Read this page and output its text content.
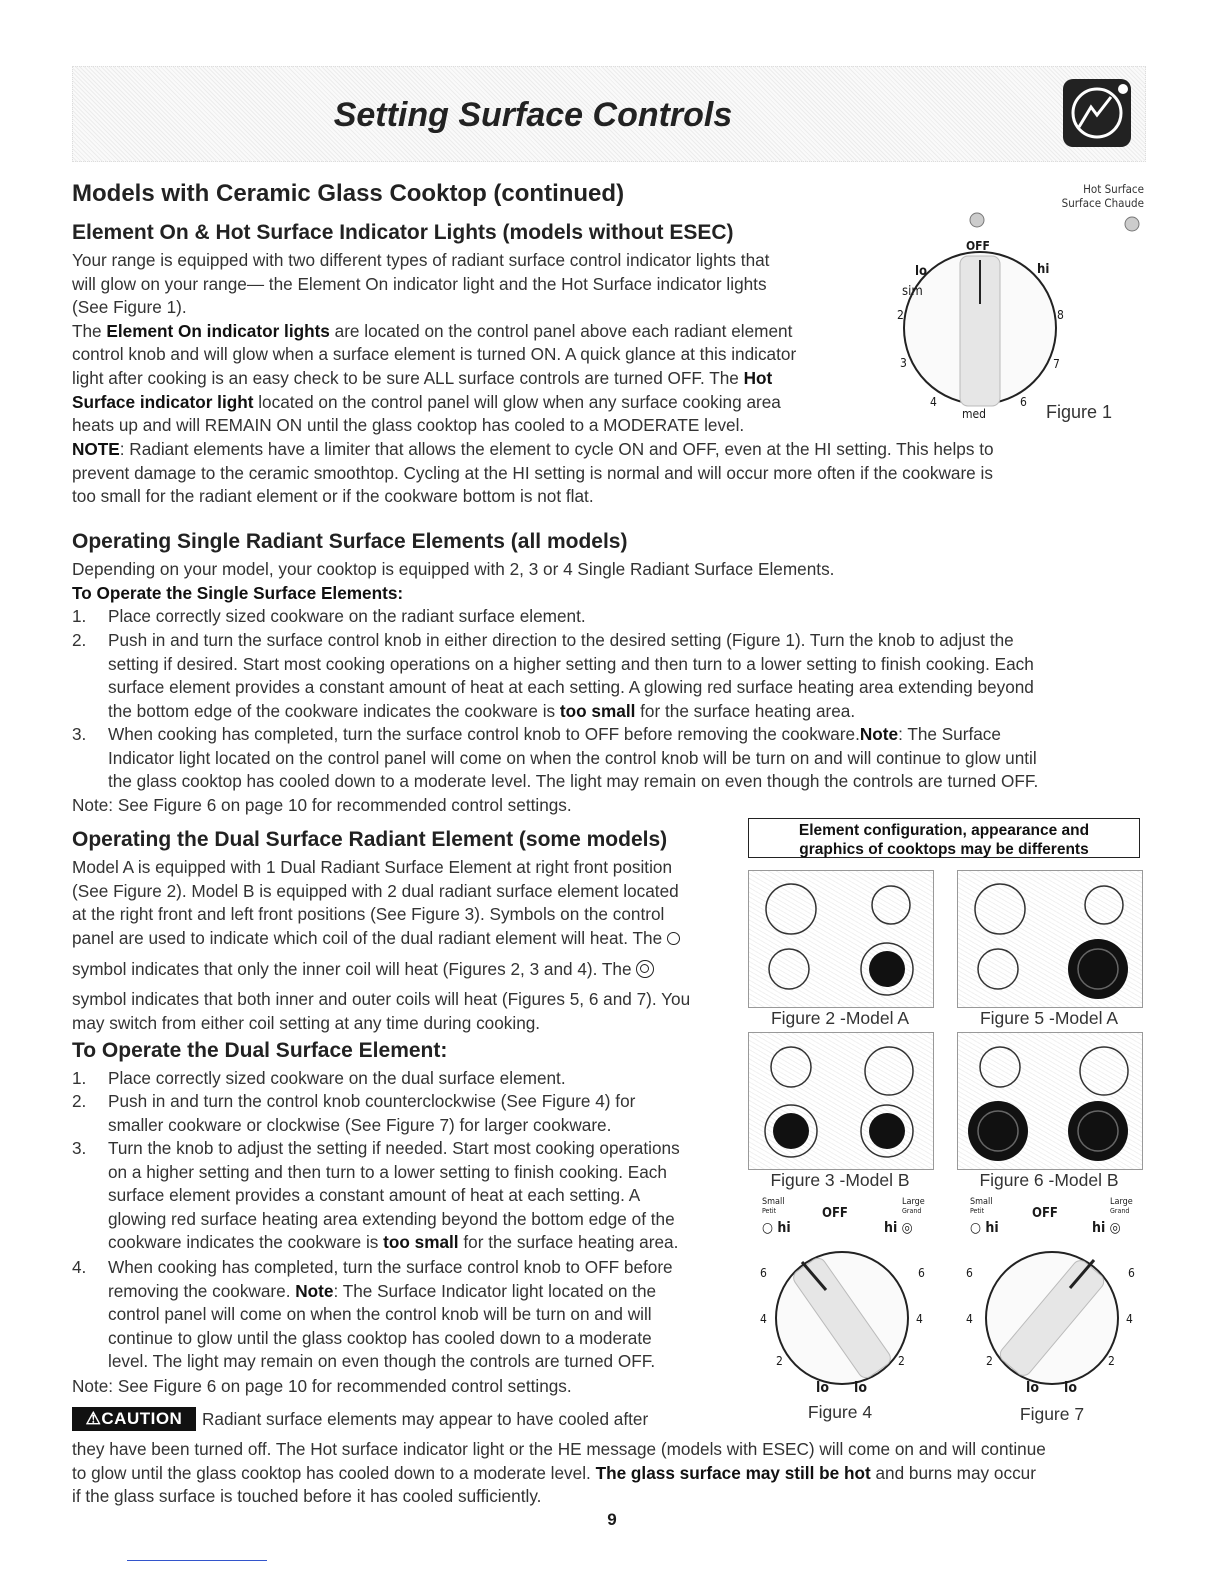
Setting Surface Controls
Models with Ceramic Glass Cooktop (continued)
Element On & Hot Surface Indicator Lights (models without ESEC)
Your range is equipped with two different types of radiant surface control indicator lights that
will glow on your range— the Element On indicator light and the Hot Surface indicator lights
(See Figure 1).
The Element On indicator lights are located on the control panel above each radiant element
control knob and will glow when a surface element is turned ON. A quick glance at this indicator
light after cooking is an easy check to be sure ALL surface controls are turned OFF. The Hot
Surface indicator light located on the control panel will glow when any surface cooking area
heats up and will REMAIN ON until the glass cooktop has cooled to a MODERATE level.
NOTE: Radiant elements have a limiter that allows the element to cycle ON and OFF, even at the HI setting. This helps to
prevent damage to the ceramic smoothtop. Cycling at the HI setting is normal and will occur more often if the cookware is
too small for the radiant element or if the cookware bottom is not flat.
Hot Surface
Surface Chaude
OFF
lo	hi
sim
2	8
3	7
4	6
med	Figure 1
Operating Single Radiant Surface Elements (all models)
Depending on your model, your cooktop is equipped with 2, 3 or 4 Single Radiant Surface Elements.
To Operate the Single Surface Elements:
1. Place correctly sized cookware on the radiant surface element.
2. Push in and turn the surface control knob in either direction to the desired setting (Figure 1). Turn the knob to adjust the
setting if desired. Start most cooking operations on a higher setting and then turn to a lower setting to finish cooking. Each
surface element provides a constant amount of heat at each setting. A glowing red surface heating area extending beyond
the bottom edge of the cookware indicates the cookware is too small for the surface heating area.
3. When cooking has completed, turn the surface control knob to OFF before removing the cookware.Note: The Surface
Indicator light located on the control panel will come on when the control knob will be turn on and will continue to glow until
the glass cooktop has cooled down to a moderate level. The light may remain on even though the controls are turned OFF.
Note: See Figure 6 on page 10 for recommended control settings.
Operating the Dual Surface Radiant Element (some models)
Model A is equipped with 1 Dual Radiant Surface Element at right front position
(See Figure 2). Model B is equipped with 2 dual radiant surface element located
at the right front and left front positions (See Figure 3). Symbols on the control
panel are used to indicate which coil of the dual radiant element will heat. The
symbol indicates that only the inner coil will heat (Figures 2, 3 and 4). The
symbol indicates that both inner and outer coils will heat (Figures 5, 6 and 7). You
may switch from either coil setting at any time during cooking.
To Operate the Dual Surface Element:
1. Place correctly sized cookware on the dual surface element.
2. Push in and turn the control knob counterclockwise (See Figure 4) for
smaller cookware or clockwise (See Figure 7) for larger cookware.
3. Turn the knob to adjust the setting if needed. Start most cooking operations
on a higher setting and then turn to a lower setting to finish cooking. Each
surface element provides a constant amount of heat at each setting. A
glowing red surface heating area extending beyond the bottom edge of the
cookware indicates the cookware is too small for the surface heating area.
4. When cooking has completed, turn the surface control knob to OFF before
removing the cookware. Note: The Surface Indicator light located on the
control panel will come on when the control knob will be turn on and will
continue to glow until the glass cooktop has cooled down to a moderate
level. The light may remain on even though the controls are turned OFF.
Note: See Figure 6 on page 10 for recommended control settings.
Element configuration, appearance and
graphics of cooktops may be differents
Figure 2 -Model A	Figure 5 -Model A
Figure 3 -Model B	Figure 6 -Model B
Small
Petit	OFF
Large
Grand
○ hi	hi ◎
6	6
4	4
2	2
lo lo
Figure 4
Small
Petit	OFF
Large
Grand
○ hi	hi ◎
6	6
4	4
2	2
lo lo
Figure 7
⚠CAUTION	Radiant surface elements may appear to have cooled after
they have been turned off. The Hot surface indicator light or the HE message (models with ESEC) will come on and will continue
to glow until the glass cooktop has cooled down to a moderate level. The glass surface may still be hot and burns may occur
if the glass surface is touched before it has cooled sufficiently.
9
